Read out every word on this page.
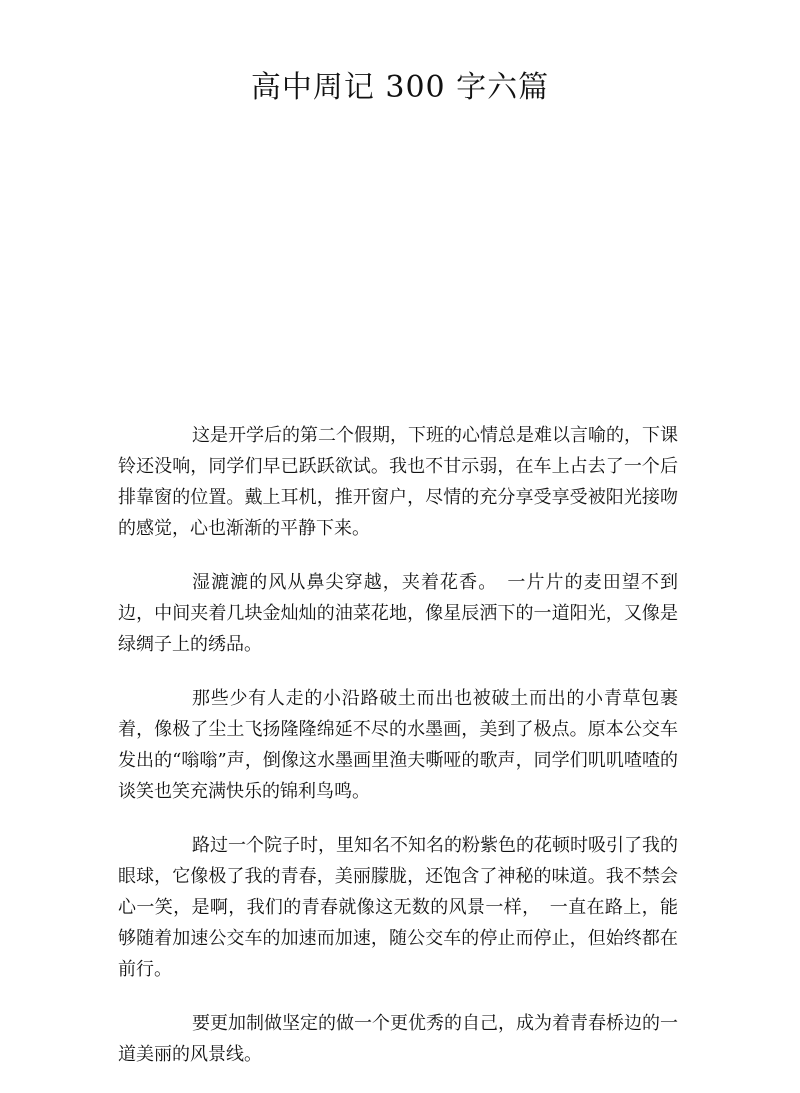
高中周记 300 字六篇

这是开学后的第二个假期，下班的心情总是难以言喻的，下课铃还没响，同学们早已跃跃欲试。我也不甘示弱，在车上占去了一个后排靠窗的位置。戴上耳机，推开窗户，尽情的充分享受享受被阳光接吻的感觉，心也渐渐的平静下来。

湿漉漉的风从鼻尖穿越，夹着花香。　一片片的麦田望不到边，中间夹着几块金灿灿的油菜花地，像星辰洒下的一道阳光，又像是绿绸子上的绣品。

那些少有人走的小沿路破土而出也被破土而出的小青草包裹着，像极了尘土飞扬隆隆绵延不尽的水墨画，美到了极点。原本公交车发出的“嗡嗡”声，倒像这水墨画里渔夫嘶哑的歌声，同学们叽叽喳喳的谈笑也笑充满快乐的锦利鸟鸣。

路过一个院子时，里知名不知名的粉紫色的花顿时吸引了我的眼球，它像极了我的青春，美丽朦胧，还饱含了神秘的味道。我不禁会心一笑，是啊，我们的青春就像这无数的风景一样，　一直在路上，能够随着加速公交车的加速而加速，随公交车的停止而停止，但始终都在前行。

要更加制做坚定的做一个更优秀的自己，成为着青春桥边的一道美丽的风景线。
